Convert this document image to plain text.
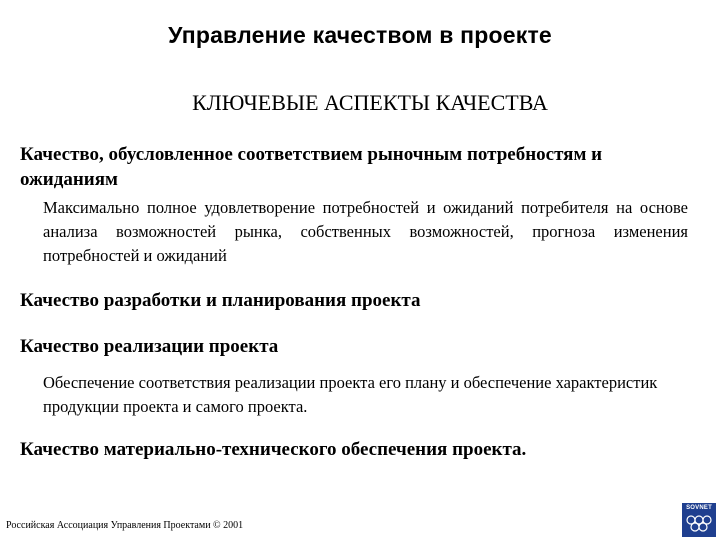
Управление качеством в проекте
КЛЮЧЕВЫЕ АСПЕКТЫ КАЧЕСТВА
Качество, обусловленное соответствием рыночным потребностям и ожиданиям
Максимально полное удовлетворение потребностей и ожиданий потребителя на основе анализа возможностей рынка, собственных возможностей, прогноза изменения потребностей и ожиданий
Качество разработки и планирования проекта
Качество реализации проекта
Обеспечение соответствия реализации проекта его плану и обеспечение характеристик продукции проекта и самого проекта.
Качество материально-технического обеспечения проекта.
Российская Ассоциация Управления Проектами © 2001
SOVNET
